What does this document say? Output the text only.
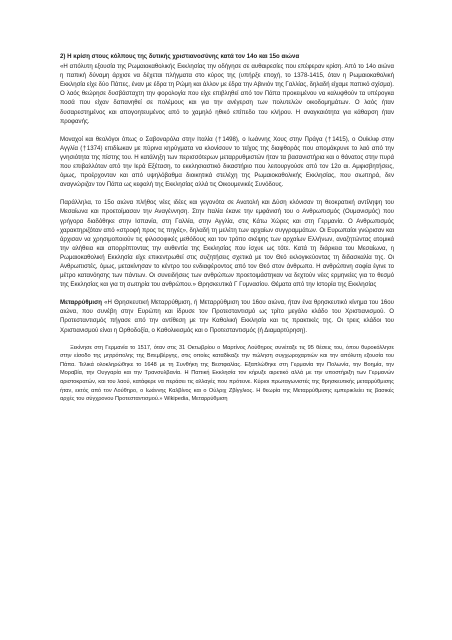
2) Η κρίση στους κόλπους της δυτικής χριστιανοσύνης κατά τον 14ο και 15ο αιώνα

«Η απόλυτη εξουσία της Ρωμαιοκαθολικής Εκκλησίας την οδήγησε σε αυθαιρεσίες που επέφεραν κρίση. Από το 14ο αιώνα η παπική δύναμη άρχισε να δέχεται πλήγματα στο κύρος της (υπήρξε εποχή, το 1378-1415, όταν η Ρωμαιοκαθολική Εκκλησία είχε δύο Πάπες, έναν με έδρα τη Ρώμη και άλλον με έδρα την Αβινιόν της Γαλλίας, δηλαδή είχαμε παπικό σχίσμα). Ο λαός θεώρησε δυσβάσταχτη την φορολογία που είχε επιβληθεί από τον Πάπα προκειμένου να καλυφθούν τα υπέρογκα ποσά που είχαν δαπανηθεί σε πολέμους και για την ανέγερση των πολυτελών οικοδομημάτων. Ο λαός ήταν δυσαρεστημένος και απογοητευμένος από το χαμηλό ηθικό επίπεδο του κλήρου. Η αναγκαιότητα για κάθαρση ήταν προφανής.

Μοναχοί και θεολόγοι όπως ο Σαβοναρόλα στην Ιταλία (†1498), ο Ιωάννης Χους στην Πράγα (†1415), ο Ουίκλιφ στην Αγγλία (†1374) επιδίωκαν με πύρινα κηρύγματα να κλονίσουν το τείχος της διαφθοράς που απομάκρυνε το λαό από την γνησιότητα της πίστης του. Η κατάληξη των περισσότερων μεταρρυθμιστών ήταν τα βασανιστήρια και ο θάνατος στην πυρά που επιβαλλόταν από την Ιερά Εξέταση, το εκκλησιαστικό δικαστήριο που λειτουργούσε από τον 12ο αι. Αμφισβητήσεις, όμως, προέρχονταν και από υψηλόβαθμα διοικητικά στελέχη της Ρωμαιοκαθολικής Εκκλησίας, που σιωπηρά, δεν αναγνώριζαν τον Πάπα ως κεφαλή της Εκκλησίας αλλά τις Οικουμενικές Συνόδους.

Παράλληλα, το 15ο αιώνα πλήθος νέες ιδέες και γεγονότα σε Ανατολή και Δύση κλόνισαν τη θεοκρατική αντίληψη του Μεσαίωνα και προετοίμασαν την Αναγέννηση. Στην Ιταλία έκανε την εμφάνισή του ο Ανθρωπισμός (Ουμανισμός) που γρήγορα διαδόθηκε στην Ισπανία, στη Γαλλία, στην Αγγλία, στις Κάτω Χώρες και στη Γερμανία. Ο Ανθρωπισμός χαρακτηριζόταν από «στροφή προς τις πηγές», δηλαδή τη μελέτη των αρχαίων συγγραμμάτων. Οι Ευρωπαίοι γνώρισαν και άρχισαν να χρησιμοποιούν τις φιλοσοφικές μεθόδους και τον τρόπο σκέψης των αρχαίων Ελλήνων, αναζητώντας ατομικά την αλήθεια και απορρίπτοντας την αυθεντία της Εκκλησίας που ίσχυε ως τότε. Κατά τη διάρκεια του Μεσαίωνα, η Ρωμαιοκαθολική Εκκλησία είχε επικεντρωθεί στις συζητήσεις σχετικά με τον Θεό εκλογικεύοντας τη διδασκαλία της. Οι Ανθρωπιστές, όμως, μετακίνησαν το κέντρο του ενδιαφέροντος από τον Θεό στον άνθρωπο. Η ανθρώπινη σοφία έγινε το μέτρο κατανόησης των πάντων. Οι συνειδήσεις των ανθρώπων προετοιμάστηκαν να δεχτούν νέες ερμηνείες για το θεσμό της Εκκλησίας και για τη σωτηρία του ανθρώπου.» Θρησκευτικά Γ Γυμνασίου. Θέματα από την Ιστορία της Εκκλησίας

Μεταρρύθμιση «Η Θρησκευτική Μεταρρύθμιση, ή Μεταρρύθμιση του 16ου αιώνα, ήταν ένα θρησκευτικό κίνημα του 16ου αιώνα, που συνέβη στην Ευρώπη και ίδρυσε τον Προτεσταντισμό ως τρίτο μεγάλο κλάδο του Χριστιανισμού. Ο Προτεσταντισμός πήγασε από την αντίθεση με την Καθολική Εκκλησία και τις πρακτικές της. Οι τρεις κλάδοι του Χριστιανισμού είναι η Ορθοδοξία, ο Καθολικισμός και ο Προτεσταντισμός (ή Διαμαρτύρηση).

Ξεκίνησε στη Γερμανία το 1517, όταν στις 31 Οκτωβρίου ο Μαρτίνος Λούθηρος συνέταξε τις 95 θέσεις του, όπου θυροκόλλησε στην είσοδο της μητρόπολης της Βιτεμβέργης, στις οποίες καταδίκαζε την πώληση συγχωροχαρτιών και την απόλυτη εξουσία του Πάπα. Τελικά ολοκληρώθηκε το 1648 με τη Συνθήκη της Βεστφαλίας. Εξαπλώθηκε στη Γερμανία την Πολωνία, την Βοημία, την Μοραβία, την Ουγγαρία και την Τρανσυλβανία. Η Παπική Εκκλησία τον κήρυξε αιρετικό αλλά με την υποστήριξη των Γερμανών αριστοκρατών, και του λαού, κατάφερε να περάσει τις αλλαγές που πρότεινε. Κύριοι πρωταγωνιστές της θρησκευτικής μεταρρύθμισης ήταν, εκτός από τον Λούθηρο, ο Ιωάννης Καλβίνος και ο Ούλριχ Ζβίγγλιος. Η θεωρία της Μεταρρύθμισης εμπερικλείει τις βασικές αρχές του σύγχρονου Προτεσταντισμού.» Wikipedia, Μεταρρύθμιση
